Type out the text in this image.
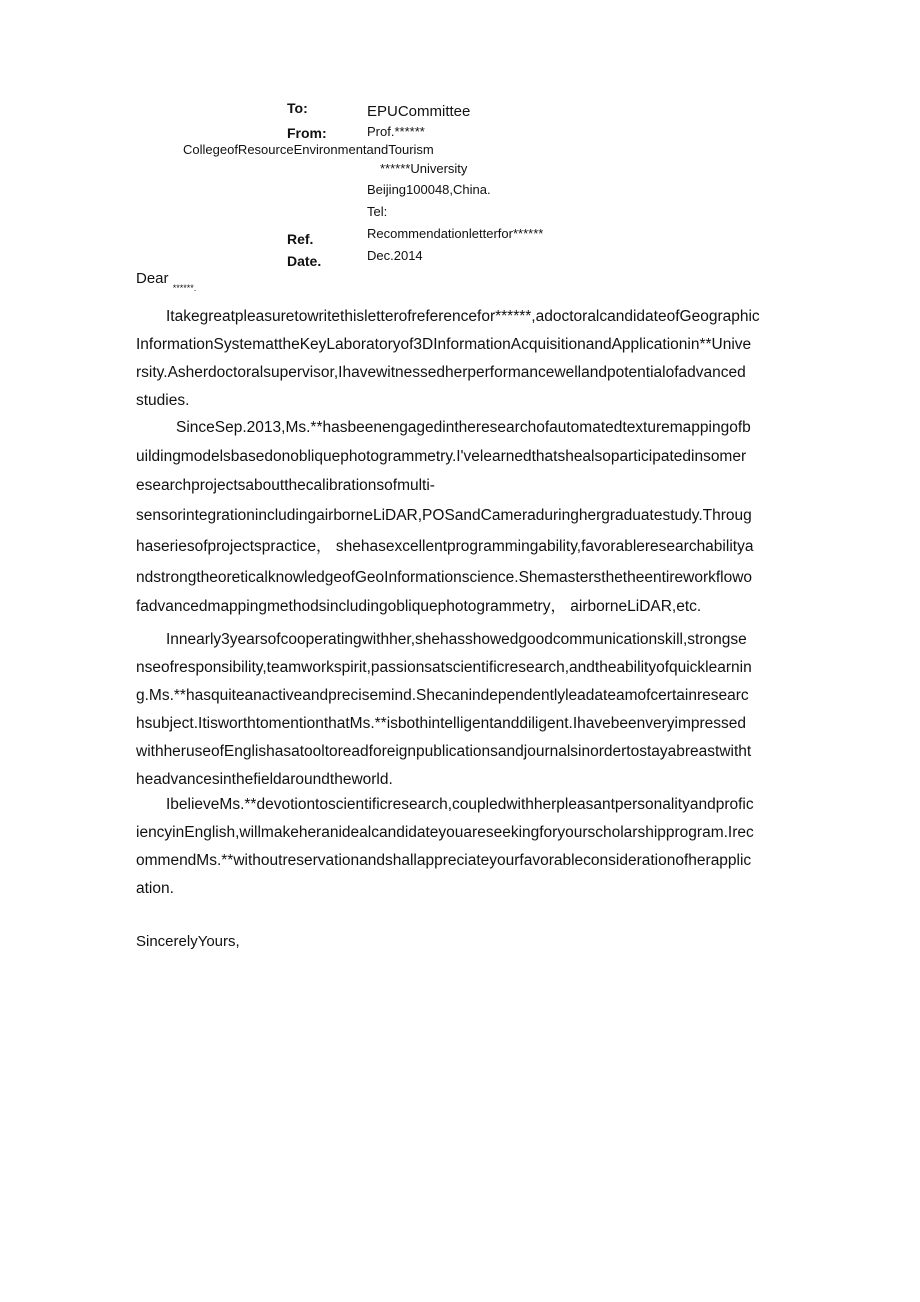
To:	EPUCommittee
From:	Prof.******
CollegeofResourceEnvironmentandTourism
******University
Beijing100048,China.
Tel:
Ref.	Recommendationletterfor******
Date.	Dec.2014
Dear $_{******.}$
Itakegreatpleasuretowritethisletterofreferencefor******,adoctoralcandidateofGeographic
InformationSystemattheKeyLaboratoryof3DInformationAcquisitionandApplicationin**Unive
rsity.Asherdoctoralsupervisor,Ihavewitnessedherperformancewellandpotentialofadvanced
studies.
SinceSep.2013,Ms.**hasbeenengagedintheresearchofautomatedtexturemappingofb
uildingmodelsbasedonobliquephotogrammetry.I'velearnedthatshealsoparticipatedinsomer
esearchprojectsaboutthecalibrationsofmulti-
sensorintegrationincludingairborneLiDAR,POSandCameraduringhergraduatestudy.Throug
haseriesofprojectspractice， shehasexcellentprogrammingability,favorableresearchabilitya
ndstrongtheoreticalknowledgeofGeoInformationscience.Shemastersthetheentireworkflowo
fadvancedmappingmethodsincludingobliquephotogrammetry， airborneLiDAR,etc.
Innearly3yearsofcooperatingwithher,shehasshowedgoodcommunicationskill,strongse
nseofresponsibility,teamworkspirit,passionsatscientificresearch,andtheabilityofquicklearnin
g.Ms.**hasquiteanactiveandprecisemind.Shecanindependentlyleadateamofcertainresearc
hsubject.ItisworthtomentionthatMs.**isbothintelligentanddiligent.Ihavebeenveryimpressed
withheruseofEnglishasatooltoreadforeignpublicationsandjournalsinordertostayabreastwitht
headvancesinthefieldaroundtheworld.
IbelieveMs.**devotiontoscientificresearch,coupledwithherpleasantpersonalityandprofic
iencyinEnglish,willmakeheranidealcandidateyouareseekingforyourscholarshipprogram.Irec
ommendMs.**withoutreservationandshallappreciateyourfavorableconsiderationofherapplic
ation.
SincerelyYours,
